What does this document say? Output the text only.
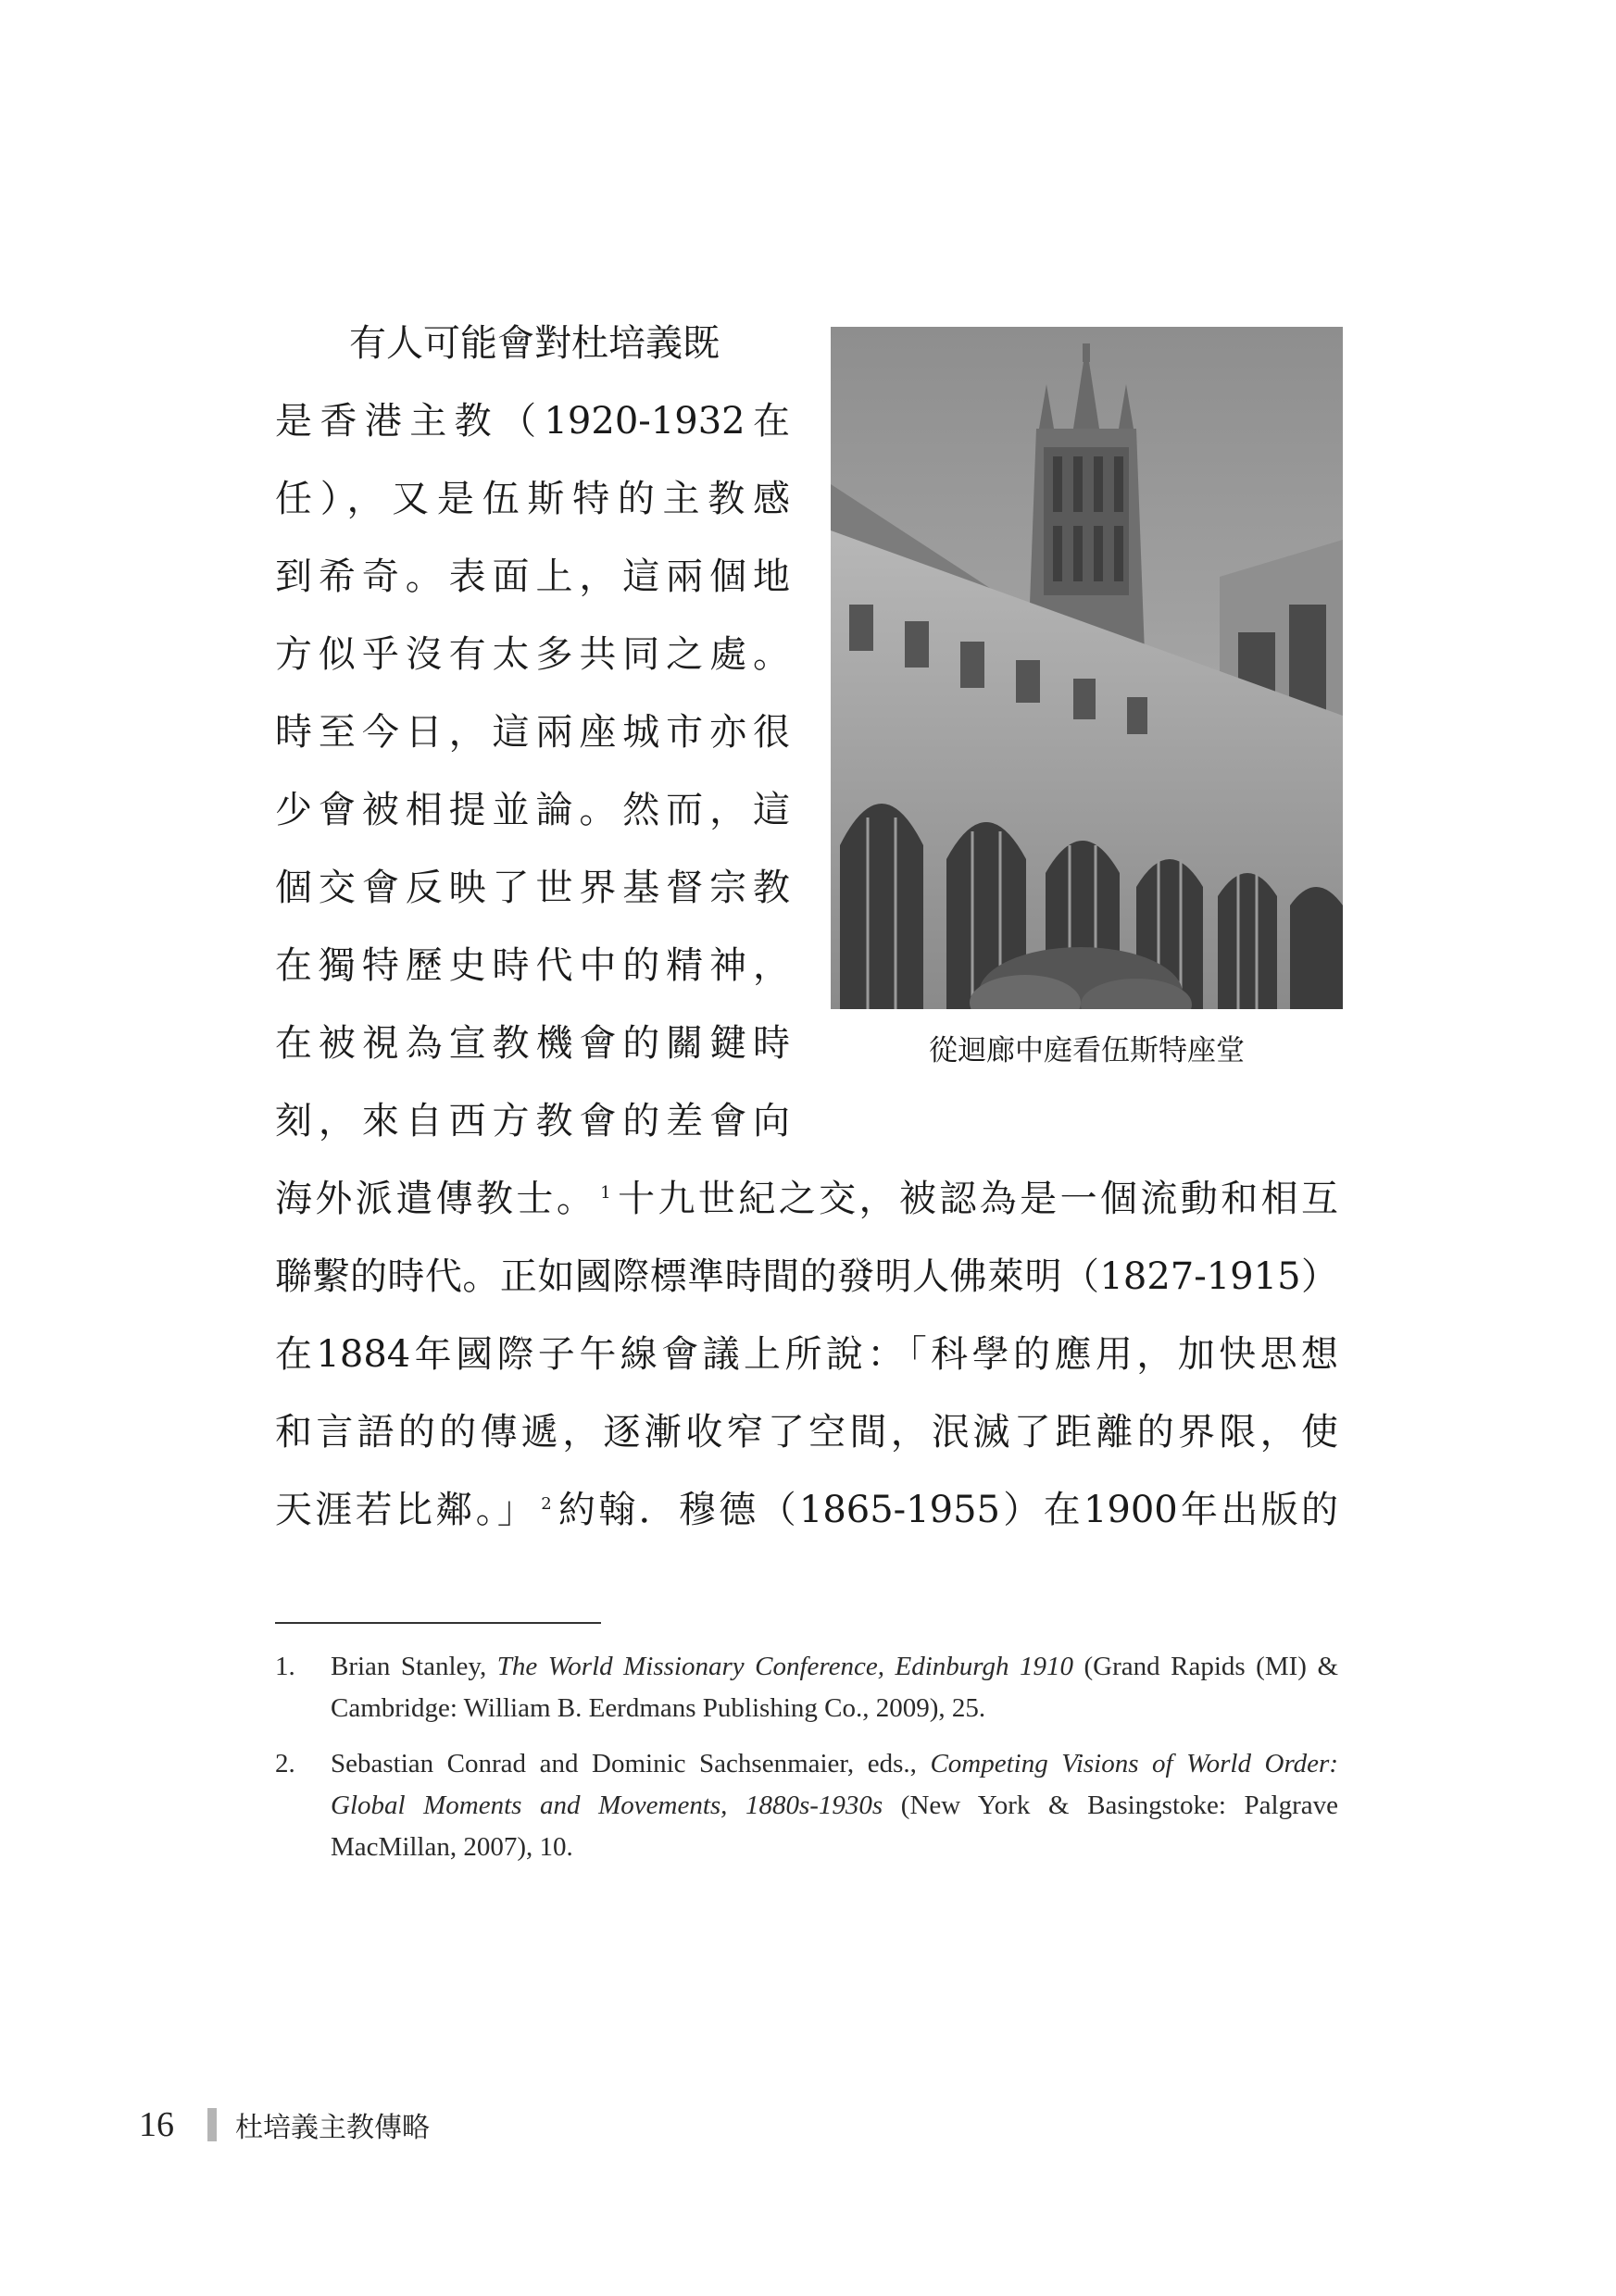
有人可能會對杜培義既
是香港主教（1920-1932在
任），又是伍斯特的主教感
到希奇。表面上，這兩個地
方似乎沒有太多共同之處。
時至今日，這兩座城市亦很
少會被相提並論。然而，這
個交會反映了世界基督宗教
在獨特歷史時代中的精神，
在被視為宣教機會的關鍵時
刻，來自西方教會的差會向
海外派遣傳教士。 $^1$ 十九世紀之交，被認為是一個流動和相互
聯繫的時代。正如國際標準時間的發明人佛萊明（1827-1915）
在1884年國際子午線會議上所說：「科學的應用，加快思想
和言語的的傳遞，逐漸收窄了空間，泯滅了距離的界限，使
天涯若比鄰。」 $^2$ 約翰．穆德（1865-1955）在1900年出版的
從迴廊中庭看伍斯特座堂
1. Brian Stanley, The World Missionary Conference, Edinburgh 1910 (Grand Rapids (MI) & Cambridge: William B. Eerdmans Publishing Co., 2009), 25.
2. Sebastian Conrad and Dominic Sachsenmaier, eds., Competing Visions of World Order: Global Moments and Movements, 1880s-1930s (New York & Basingstoke: Palgrave MacMillan, 2007), 10.
16 杜培義主教傳略
